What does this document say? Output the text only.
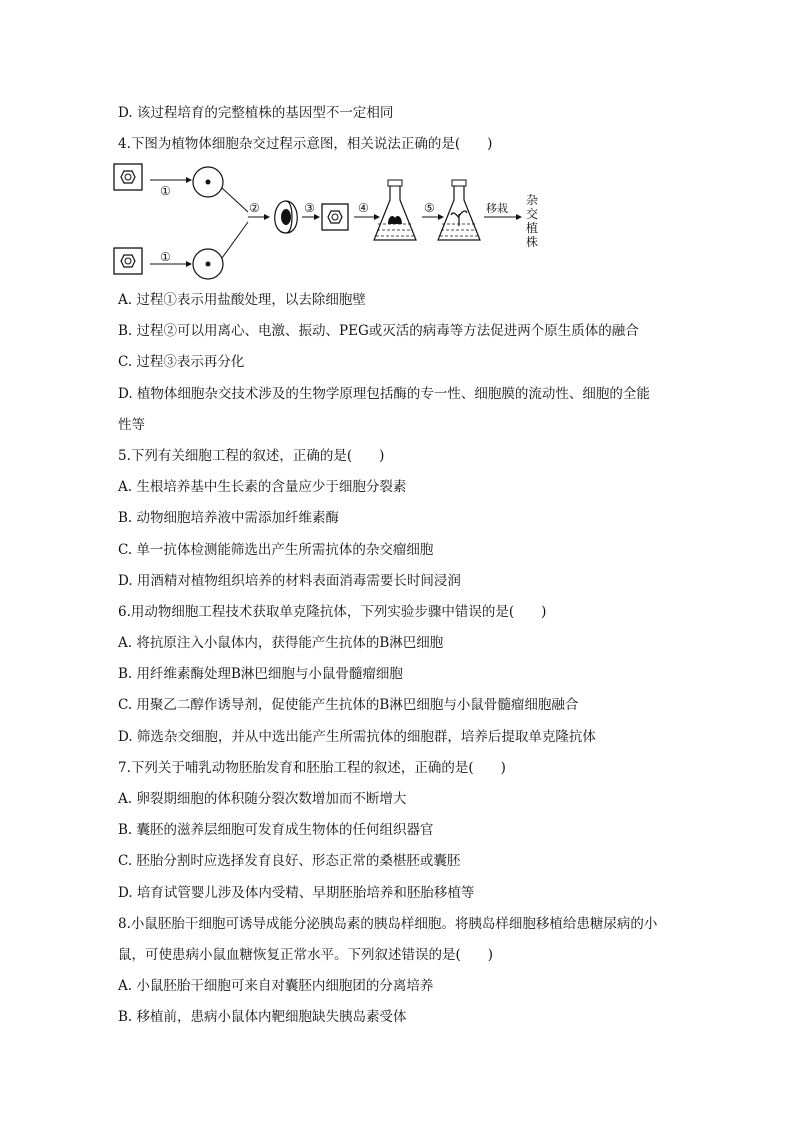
D. 该过程培育的完整植株的基因型不一定相同
4.下图为植物体细胞杂交过程示意图，相关说法正确的是(　　)
①
①
②	③	④	⑤	移栽
杂
交
植
株
A. 过程①表示用盐酸处理，以去除细胞壁
B. 过程②可以用离心、电激、振动、PEG或灭活的病毒等方法促进两个原生质体的融合
C. 过程③表示再分化
D. 植物体细胞杂交技术涉及的生物学原理包括酶的专一性、细胞膜的流动性、细胞的全能
性等
5.下列有关细胞工程的叙述，正确的是(　　)
A. 生根培养基中生长素的含量应少于细胞分裂素
B. 动物细胞培养液中需添加纤维素酶
C. 单一抗体检测能筛选出产生所需抗体的杂交瘤细胞
D. 用酒精对植物组织培养的材料表面消毒需要长时间浸润
6.用动物细胞工程技术获取单克隆抗体，下列实验步骤中错误的是(　　)
A. 将抗原注入小鼠体内，获得能产生抗体的B淋巴细胞
B. 用纤维素酶处理B淋巴细胞与小鼠骨髓瘤细胞
C. 用聚乙二醇作诱导剂，促使能产生抗体的B淋巴细胞与小鼠骨髓瘤细胞融合
D. 筛选杂交细胞，并从中选出能产生所需抗体的细胞群，培养后提取单克隆抗体
7.下列关于哺乳动物胚胎发育和胚胎工程的叙述，正确的是(　　)
A. 卵裂期细胞的体积随分裂次数增加而不断增大
B. 囊胚的滋养层细胞可发育成生物体的任何组织器官
C. 胚胎分割时应选择发育良好、形态正常的桑椹胚或囊胚
D. 培育试管婴儿涉及体内受精、早期胚胎培养和胚胎移植等
8.小鼠胚胎干细胞可诱导成能分泌胰岛素的胰岛样细胞。将胰岛样细胞移植给患糖尿病的小
鼠，可使患病小鼠血糖恢复正常水平。下列叙述错误的是(　　)
A. 小鼠胚胎干细胞可来自对囊胚内细胞团的分离培养
B. 移植前，患病小鼠体内靶细胞缺失胰岛素受体
